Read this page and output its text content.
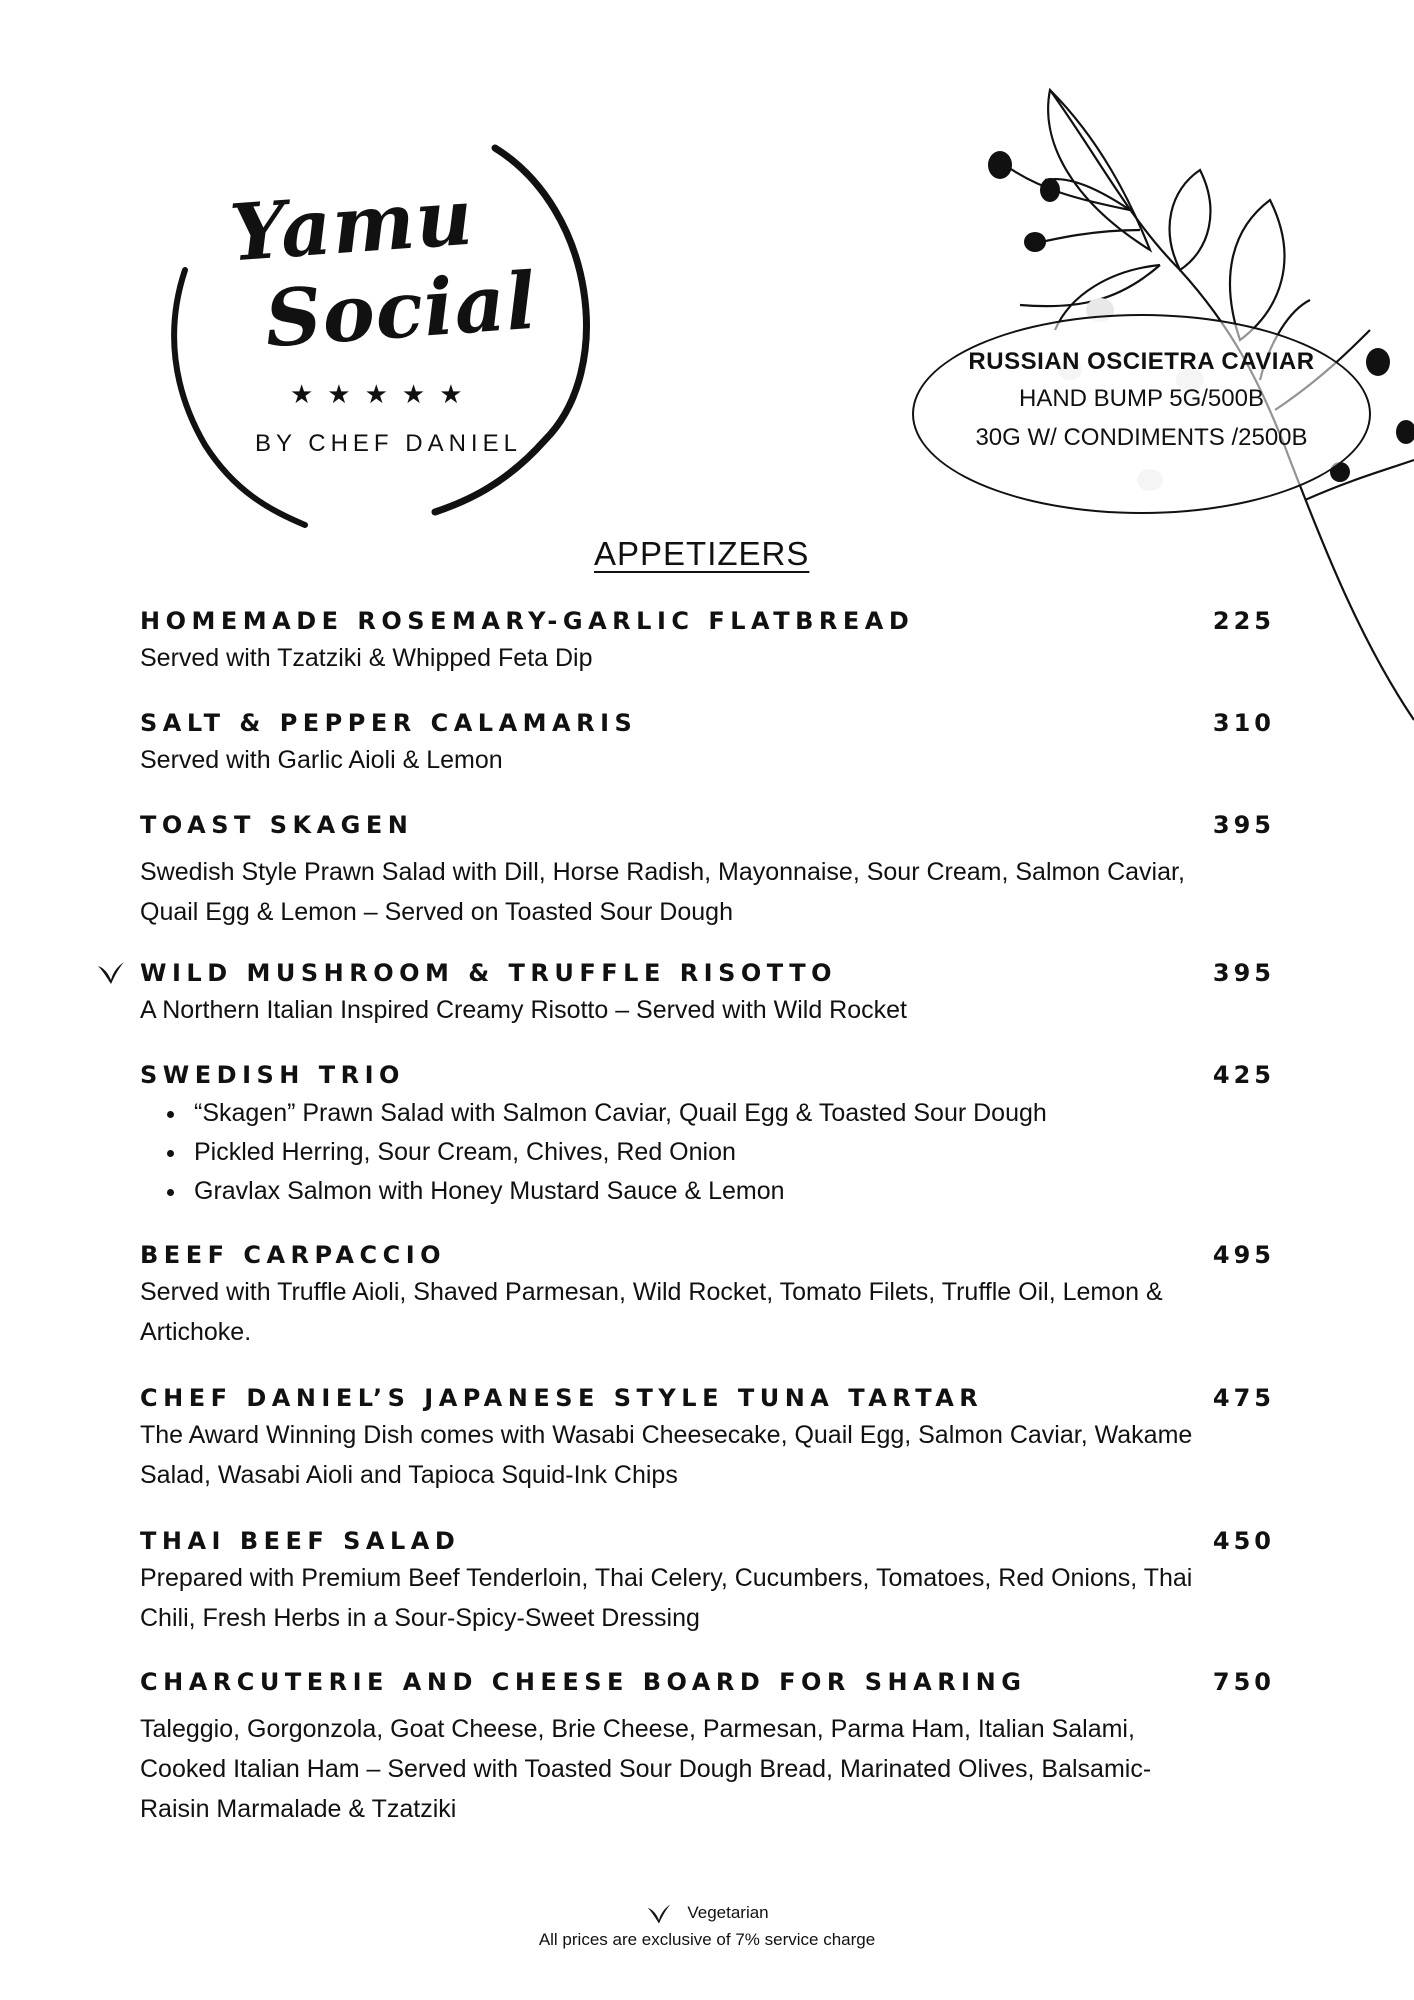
Yamu
Social
★★★★★
BY CHEF DANIEL
RUSSIAN OSCIETRA CAVIAR
HAND BUMP 5G/500B
30G W/ CONDIMENTS /2500B
APPETIZERS
HOMEMADE ROSEMARY-GARLIC FLATBREAD	225
Served with Tzatziki & Whipped Feta Dip
SALT & PEPPER CALAMARIS	310
Served with Garlic Aioli & Lemon
TOAST SKAGEN	395
Swedish Style Prawn Salad with Dill, Horse Radish, Mayonnaise, Sour Cream, Salmon Caviar, Quail Egg & Lemon – Served on Toasted Sour Dough
WILD MUSHROOM & TRUFFLE RISOTTO	395
A Northern Italian Inspired Creamy Risotto – Served with Wild Rocket
SWEDISH TRIO	425
• “Skagen” Prawn Salad with Salmon Caviar, Quail Egg & Toasted Sour Dough
• Pickled Herring, Sour Cream, Chives, Red Onion
• Gravlax Salmon with Honey Mustard Sauce & Lemon
BEEF CARPACCIO	495
Served with Truffle Aioli, Shaved Parmesan, Wild Rocket, Tomato Filets, Truffle Oil, Lemon & Artichoke.
CHEF DANIEL’S JAPANESE STYLE TUNA TARTAR	475
The Award Winning Dish comes with Wasabi Cheesecake, Quail Egg, Salmon Caviar, Wakame Salad, Wasabi Aioli and Tapioca Squid-Ink Chips
THAI BEEF SALAD	450
Prepared with Premium Beef Tenderloin, Thai Celery, Cucumbers, Tomatoes, Red Onions, Thai Chili, Fresh Herbs in a Sour-Spicy-Sweet Dressing
CHARCUTERIE AND CHEESE BOARD FOR SHARING	750
Taleggio, Gorgonzola, Goat Cheese, Brie Cheese, Parmesan, Parma Ham, Italian Salami, Cooked Italian Ham – Served with Toasted Sour Dough Bread, Marinated Olives, Balsamic-Raisin Marmalade & Tzatziki
Vegetarian
All prices are exclusive of 7% service charge
